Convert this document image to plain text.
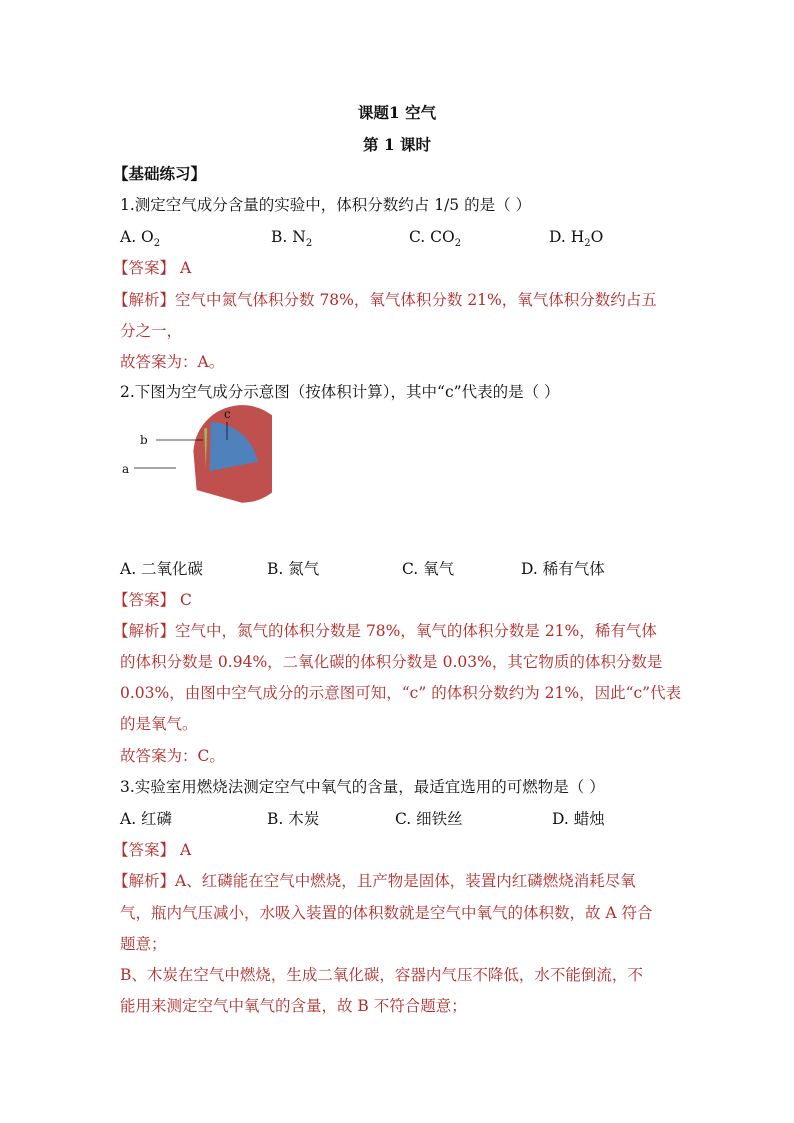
课题1 空气
第 1 课时
【基础练习】
1.测定空气成分含量的实验中，体积分数约占 1/5 的是（ ）
A. $O_2$	B. $N_2$	C. $CO_2$	D. $H_2O$
【答案】 A
【解析】空气中氮气体积分数 78%，氧气体积分数 21%，氧气体积分数约占五
分之一，
故答案为：A。
2.下图为空气成分示意图（按体积计算），其中“c”代表的是（ ）
c
b
a
A. 二氧化碳	B. 氮气	C. 氧气	D. 稀有气体
【答案】 C
【解析】空气中，氮气的体积分数是 78%，氧气的体积分数是 21%，稀有气体
的体积分数是 0.94%，二氧化碳的体积分数是 0.03%，其它物质的体积分数是
0.03%，由图中空气成分的示意图可知，“c” 的体积分数约为 21%，因此“c”代表
的是氧气。
故答案为：C。
3.实验室用燃烧法测定空气中氧气的含量，最适宜选用的可燃物是（ ）
A. 红磷	B. 木炭	C. 细铁丝	D. 蜡烛
【答案】 A
【解析】A、红磷能在空气中燃烧，且产物是固体，装置内红磷燃烧消耗尽氧
气，瓶内气压减小，水吸入装置的体积数就是空气中氧气的体积数，故 A 符合
题意；
B、木炭在空气中燃烧，生成二氧化碳，容器内气压不降低，水不能倒流，不
能用来测定空气中氧气的含量，故 B 不符合题意；
